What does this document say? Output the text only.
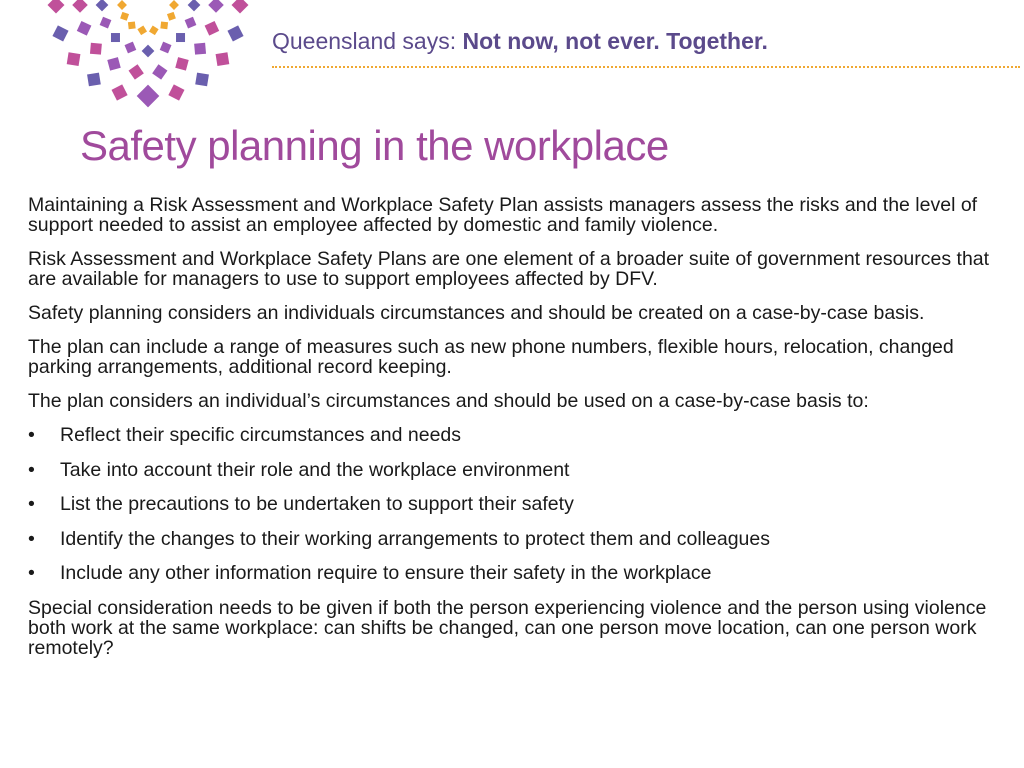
Queensland says: Not now, not ever. Together.
Safety planning in the workplace

Maintaining a Risk Assessment and Workplace Safety Plan assists managers assess the risks and the level of support needed to assist an employee affected by domestic and family violence.

Risk Assessment and Workplace Safety Plans are one element of a broader suite of government resources that are available for managers to use to support employees affected by DFV.

Safety planning considers an individuals circumstances and should be created on a case-by-case basis.

The plan can include a range of measures such as new phone numbers, flexible hours, relocation, changed parking arrangements, additional record keeping.

The plan considers an individual’s circumstances and should be used on a case-by-case basis to:

• Reflect their specific circumstances and needs
• Take into account their role and the workplace environment
• List the precautions to be undertaken to support their safety
• Identify the changes to their working arrangements to protect them and colleagues
• Include any other information require to ensure their safety in the workplace

Special consideration needs to be given if both the person experiencing violence and the person using violence both work at the same workplace: can shifts be changed, can one person move location, can one person work remotely?
